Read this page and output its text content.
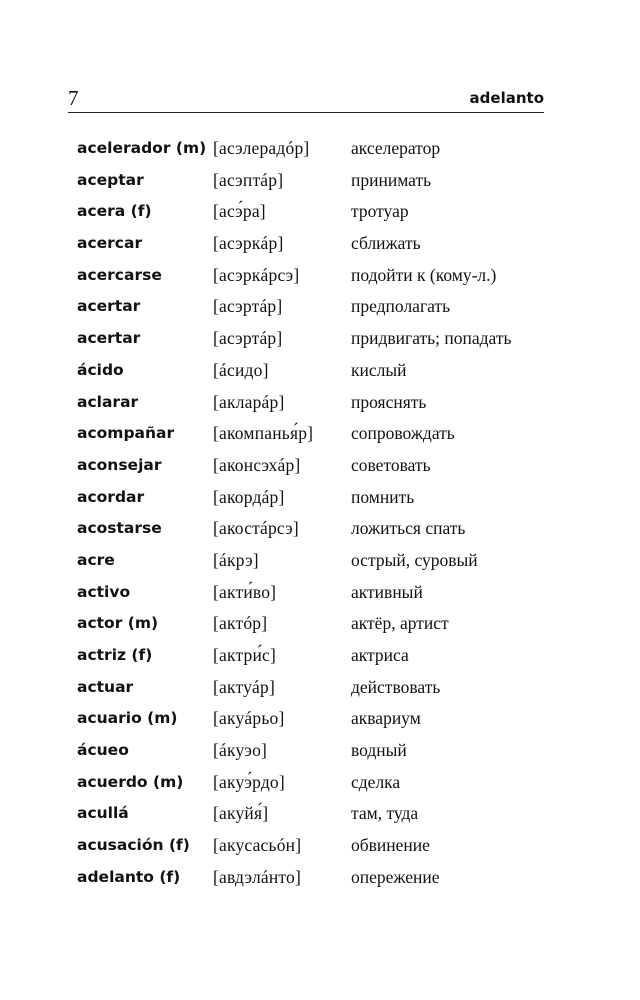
7	adelanto
acelerador (m) [асэлерадóр] акселератор
aceptar	[асэптáр]	принимать
acera (f)	[асэ́ра]	тротуар
acercar	[асэркáр]	сближать
acercarse	[асэркáрсэ]	подойти к (кому-л.)
acertar	[асэртáр]	предполагать
acertar	[асэртáр]	придвигать; попадать
ácido	[áсидо]	кислый
aclarar	[акларáр]	прояснять
acompañar [акомпанья́р] сопровождать
aconsejar	[аконсэхáр]	советовать
acordar	[акордáр]	помнить
acostarse	[акостáрсэ]	ложиться спать
acre	[áкрэ]	острый, суровый
activo	[акти́во]	активный
actor (m)	[актóр]	актёр, артист
actriz (f)	[актри́с]	актриса
actuar	[актуáр]	действовать
acuario (m) [акуáрьо]	аквариум
ácueo	[áкуэо]	водный
acuerdo (m) [акуэ́рдо]	сделка
acullá	[акуйя́]	там, туда
acusación (f) [акусасьóн]	обвинение
adelanto (f) [авдэлáнто]	опережение
